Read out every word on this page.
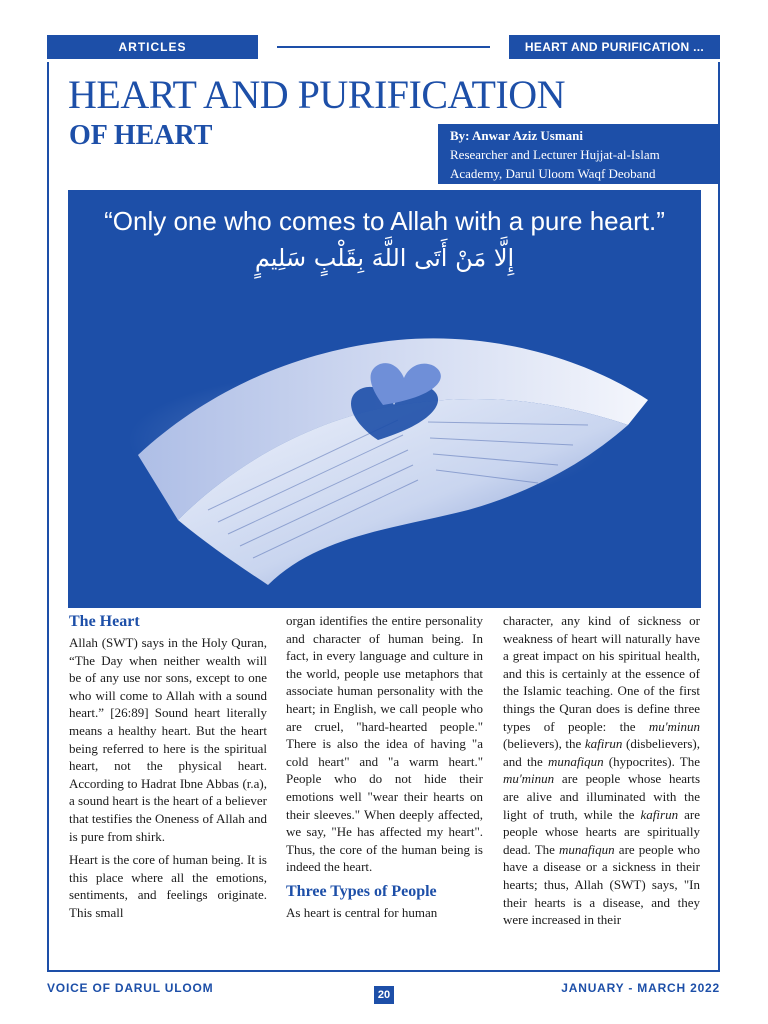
ARTICLES	HEART AND PURIFICATION ...
HEART AND PURIFICATION
OF HEART	By: Anwar Aziz Usmani
Researcher and Lecturer Hujjat-al-Islam
Academy, Darul Uloom Waqf Deoband
“Only one who comes to Allah with a pure heart.”
إِلَّا مَنْ أَتَى اللَّهَ بِقَلْبٍ سَلِيمٍ
The Heart

Allah (SWT) says in the Holy Quran, “The Day when neither wealth will be of any use nor sons, except to one who will come to Allah with a sound heart.” [26:89] Sound heart literally means a healthy heart. But the heart being referred to here is the spiritual heart, not the physical heart. According to Hadrat Ibne Abbas (r.a), a sound heart is the heart of a believer that testifies the Oneness of Allah and is pure from shirk.

Heart is the core of human being. It is this place where all the emotions, sentiments, and feelings originate. This small

organ identifies the entire personality and character of human being. In fact, in every language and culture in the world, people use metaphors that associate human personality with the heart; in English, we call people who are cruel, "hard-hearted people." There is also the idea of having "a cold heart" and "a warm heart." People who do not hide their emotions well "wear their hearts on their sleeves." When deeply affected, we say, "He has affected my heart". Thus, the core of the human being is indeed the heart.

Three Types of People

As heart is central for human

character, any kind of sickness or weakness of heart will naturally have a great impact on his spiritual health, and this is certainly at the essence of the Islamic teaching. One of the first things the Quran does is define three types of people: the mu'minun (believers), the kafirun (disbelievers), and the munafiqun (hypocrites). The mu'minun are people whose hearts are alive and illuminated with the light of truth, while the kafirun are people whose hearts are spiritually dead. The munafiqun are people who have a disease or a sickness in their hearts; thus, Allah (SWT) says, "In their hearts is a disease, and they were increased in their

VOICE OF DARUL ULOOM	20	JANUARY - MARCH 2022
